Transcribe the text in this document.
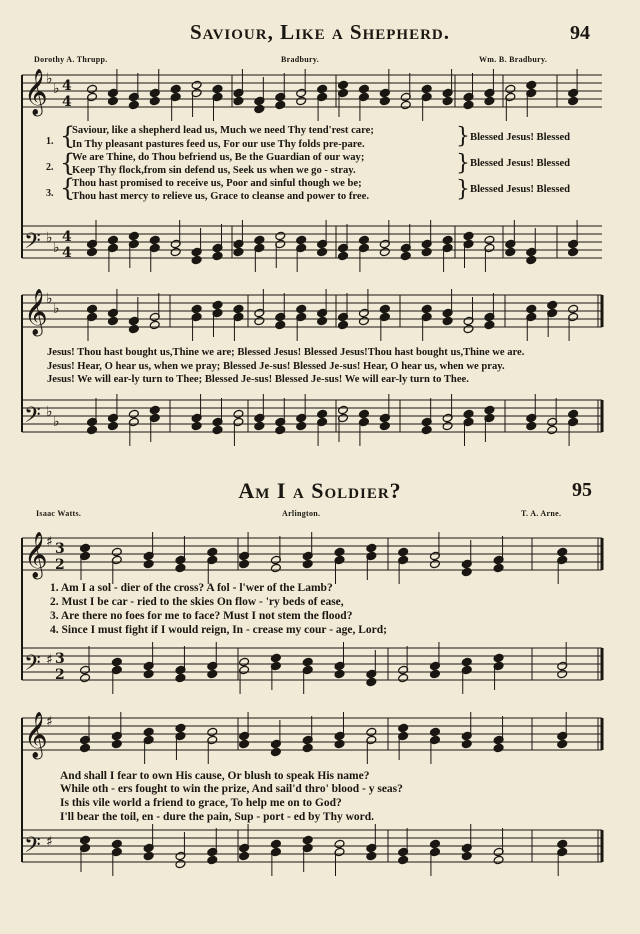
Saviour, Like a Shepherd.	94
Dorothy A. Thrupp.	Bradbury.	Wm. B. Bradbury.
𝄞
♭
♭ 4
4
𝄢 ♭
♭
4
4
𝄞
♭
♭
𝄢 ♭
♭
𝄞
♯ 3
2
𝄢 ♯ 3
2
𝄞
♯
𝄢 ♯
{
{
{
1.
2.
3.
Saviour, like a shepherd lead us, Much we need Thy tend'rest care;
In Thy pleasant pastures feed us, For our use Thy folds pre-pare.
We are Thine, do Thou befriend us, Be the Guardian of our way;
Keep Thy flock,from sin defend us, Seek us when we go - stray.
Thou hast promised to receive us, Poor and sinful though we be;
Thou hast mercy to relieve us, Grace to cleanse and power to free.
}
}
}
Blessed Jesus! Blessed
Blessed Jesus! Blessed
Blessed Jesus! Blessed
Jesus! Thou hast bought us,Thine we are; Blessed Jesus! Blessed Jesus!Thou hast bought us,Thine we are.
Jesus! Hear, O hear us, when we pray; Blessed Je-sus! Blessed Je-sus! Hear, O hear us, when we pray.
Jesus! We will ear-ly turn to Thee; Blessed Je-sus! Blessed Je-sus! We will ear-ly turn to Thee.
Am I a Soldier?	95
Isaac Watts.	Arlington.	T. A. Arne.
1. Am I a sol - dier of the cross? A fol - l'wer of the Lamb?
2. Must I be car - ried to the skies On flow - 'ry beds of ease,
3. Are there no foes for me to face? Must I not stem the flood?
4. Since I must fight if I would reign, In - crease my cour - age, Lord;
And shall I fear to own His cause, Or blush to speak His name?
While oth - ers fought to win the prize, And sail'd thro' blood - y seas?
Is this vile world a friend to grace, To help me on to God?
I'll bear the toil, en - dure the pain, Sup - port - ed by Thy word.
